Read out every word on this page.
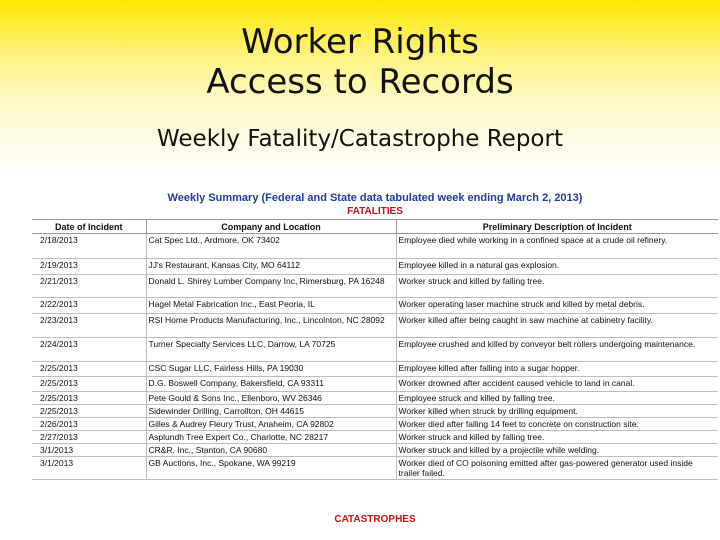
Worker Rights
Access to Records
Weekly Fatality/Catastrophe Report
Weekly Summary (Federal and State data tabulated week ending March 2, 2013)
FATALITIES
Date of Incident	Company and Location	Preliminary Description of Incident
2/18/2013	Cat Spec Ltd., Ardmore, OK 73402	Employee died while working in a confined space at a crude oil refinery.
2/19/2013	JJ's Restaurant, Kansas City, MO 64112	Employee killed in a natural gas explosion.
2/21/2013	Donald L. Shirey Lumber Company Inc, Rimersburg, PA 16248	Worker struck and killed by falling tree.
2/22/2013	Hagel Metal Fabrication Inc., East Peoria, IL	Worker operating laser machine struck and killed by metal debris.
2/23/2013	RSI Home Products Manufacturing, Inc., Lincolnton, NC 28092	Worker killed after being caught in saw machine at cabinetry facility.
2/24/2013	Turner Specialty Services LLC, Darrow, LA 70725	Employee crushed and killed by conveyor belt rollers undergoing maintenance.
2/25/2013	CSC Sugar LLC, Fairless Hills, PA 19030	Employee killed after falling into a sugar hopper.
2/25/2013	D.G. Boswell Company, Bakersfield, CA 93311	Worker drowned after accident caused vehicle to land in canal.
2/25/2013	Pete Gould & Sons Inc., Ellenboro, WV 26346	Employee struck and killed by falling tree.
2/25/2013	Sidewinder Drilling, Carrollton, OH 44615	Worker killed when struck by drilling equipment.
2/26/2013	Gilles & Audrey Fleury Trust, Anaheim, CA 92802	Worker died after falling 14 feet to concrete on construction site.
2/27/2013	Asplundh Tree Expert Co., Charlotte, NC 28217	Worker struck and killed by falling tree.
3/1/2013	CR&R, Inc., Stanton, CA 90680	Worker struck and killed by a projectile while welding.
3/1/2013	GB Auctions, Inc., Spokane, WA 99219	Worker died of CO poisoning emitted after gas-powered generator used inside trailer failed.
CATASTROPHES
